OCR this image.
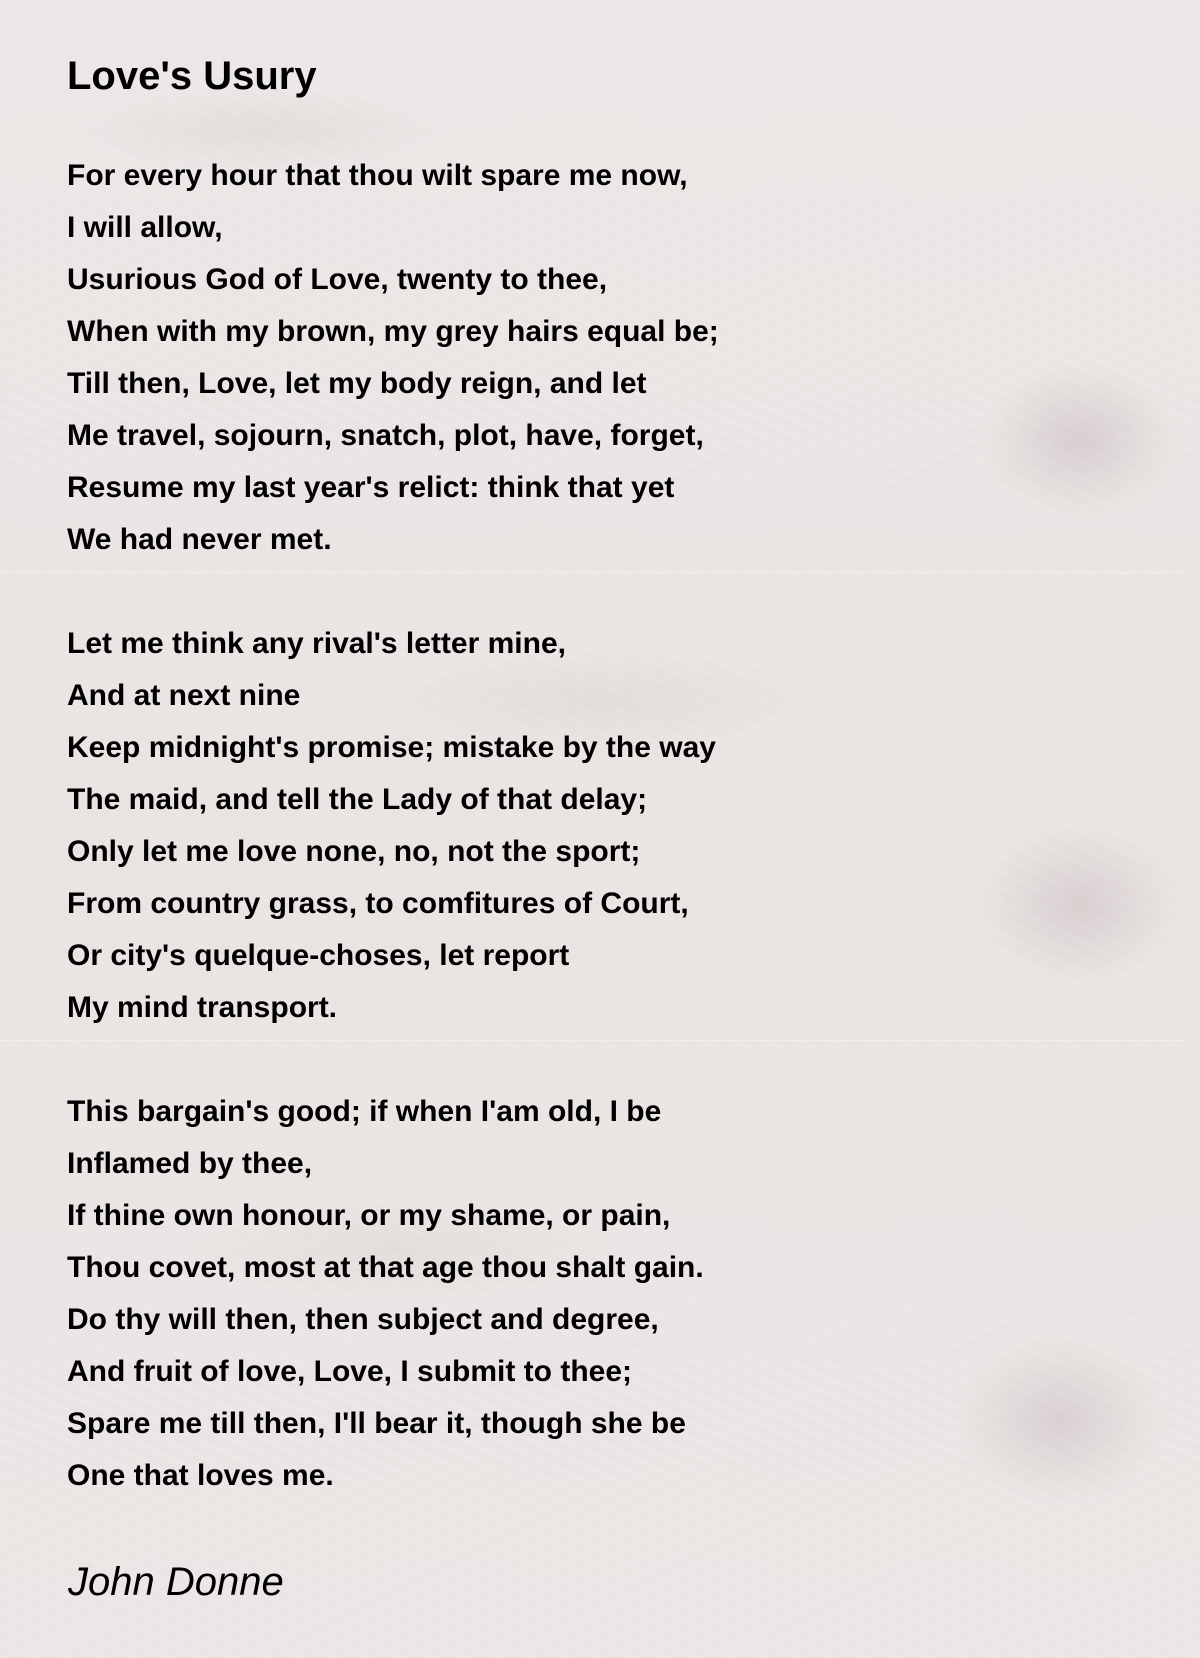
Love's Usury
For every hour that thou wilt spare me now,
I will allow,
Usurious God of Love, twenty to thee,
When with my brown, my grey hairs equal be;
Till then, Love, let my body reign, and let
Me travel, sojourn, snatch, plot, have, forget,
Resume my last year's relict: think that yet
We had never met.
Let me think any rival's letter mine,
And at next nine
Keep midnight's promise; mistake by the way
The maid, and tell the Lady of that delay;
Only let me love none, no, not the sport;
From country grass, to comfitures of Court,
Or city's quelque-choses, let report
My mind transport.
This bargain's good; if when I'am old, I be
Inflamed by thee,
If thine own honour, or my shame, or pain,
Thou covet, most at that age thou shalt gain.
Do thy will then, then subject and degree,
And fruit of love, Love, I submit to thee;
Spare me till then, I'll bear it, though she be
One that loves me.
John Donne
